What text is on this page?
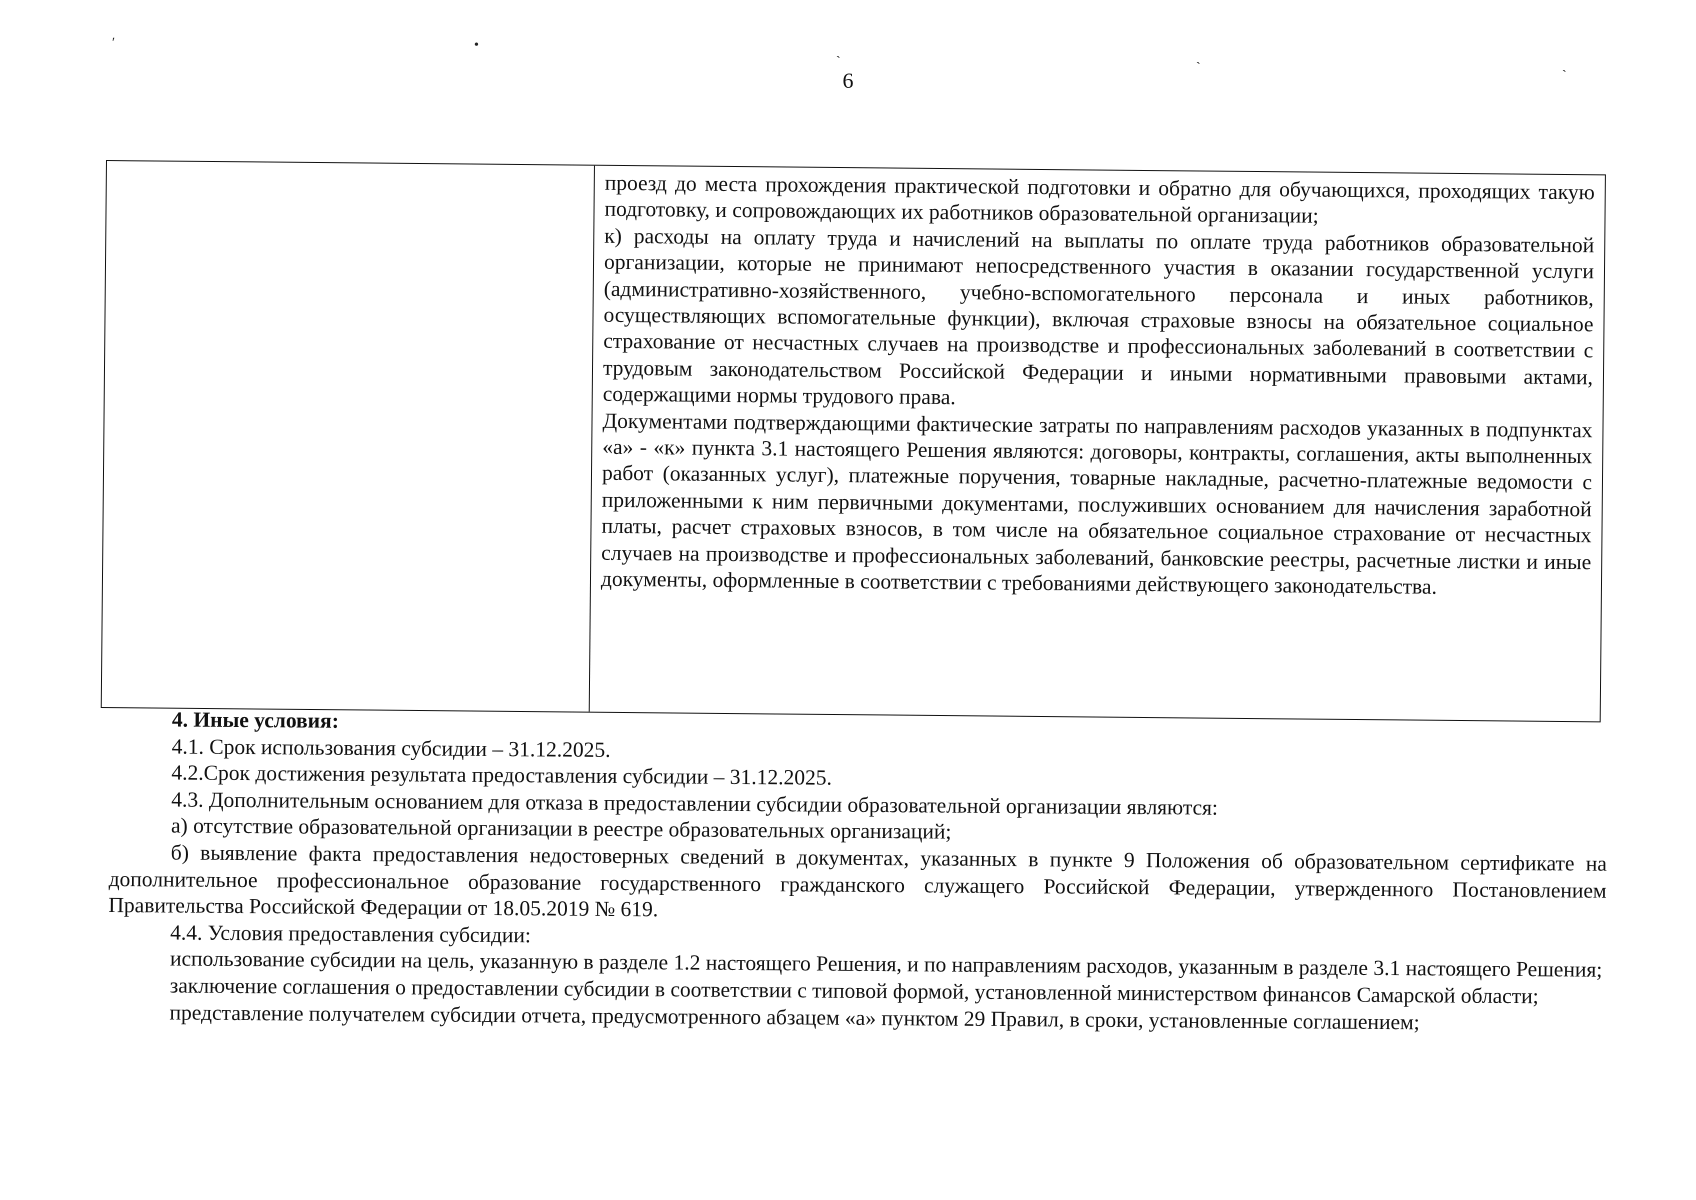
ʹ	•	ˏ	ˏ
ˏ
6

проезд до места прохождения практической подготовки и обратно для обучающихся, проходящих такую подготовку, и сопровождающих их работников образовательной организации;

к) расходы на оплату труда и начислений на выплаты по оплате труда работников образовательной организации, которые не принимают непосредственного участия в оказании государственной услуги (административно-хозяйственного, учебно-вспомогательного персонала и иных работников, осуществляющих вспомогательные функции), включая страховые взносы на обязательное социальное страхование от несчастных случаев на производстве и профессиональных заболеваний в соответствии с трудовым законодательством Российской Федерации и иными нормативными правовыми актами, содержащими нормы трудового права.

Документами подтверждающими фактические затраты по направлениям расходов указанных в подпунктах «а» - «к» пункта 3.1 настоящего Решения являются: договоры, контракты, соглашения, акты выполненных работ (оказанных услуг), платежные поручения, товарные накладные, расчетно-платежные ведомости с приложенными к ним первичными документами, послуживших основанием для начисления заработной платы, расчет страховых взносов, в том числе на обязательное социальное страхование от несчастных случаев на производстве и профессиональных заболеваний, банковские реестры, расчетные листки и иные документы, оформленные в соответствии с требованиями действующего законодательства.

4. Иные условия:

4.1. Срок использования субсидии – 31.12.2025.

4.2.Срок достижения результата предоставления субсидии – 31.12.2025.

4.3. Дополнительным основанием для отказа в предоставлении субсидии образовательной организации являются:

а) отсутствие образовательной организации в реестре образовательных организаций;

б) выявление факта предоставления недостоверных сведений в документах, указанных в пункте 9 Положения об образовательном сертификате на дополнительное профессиональное образование государственного гражданского служащего Российской Федерации, утвержденного Постановлением Правительства Российской Федерации от 18.05.2019 № 619.

4.4. Условия предоставления субсидии:

использование субсидии на цель, указанную в разделе 1.2 настоящего Решения, и по направлениям расходов, указанным в разделе 3.1 настоящего Решения;

заключение соглашения о предоставлении субсидии в соответствии с типовой формой, установленной министерством финансов Самарской области;

представление получателем субсидии отчета, предусмотренного абзацем «а» пунктом 29 Правил, в сроки, установленные соглашением;
